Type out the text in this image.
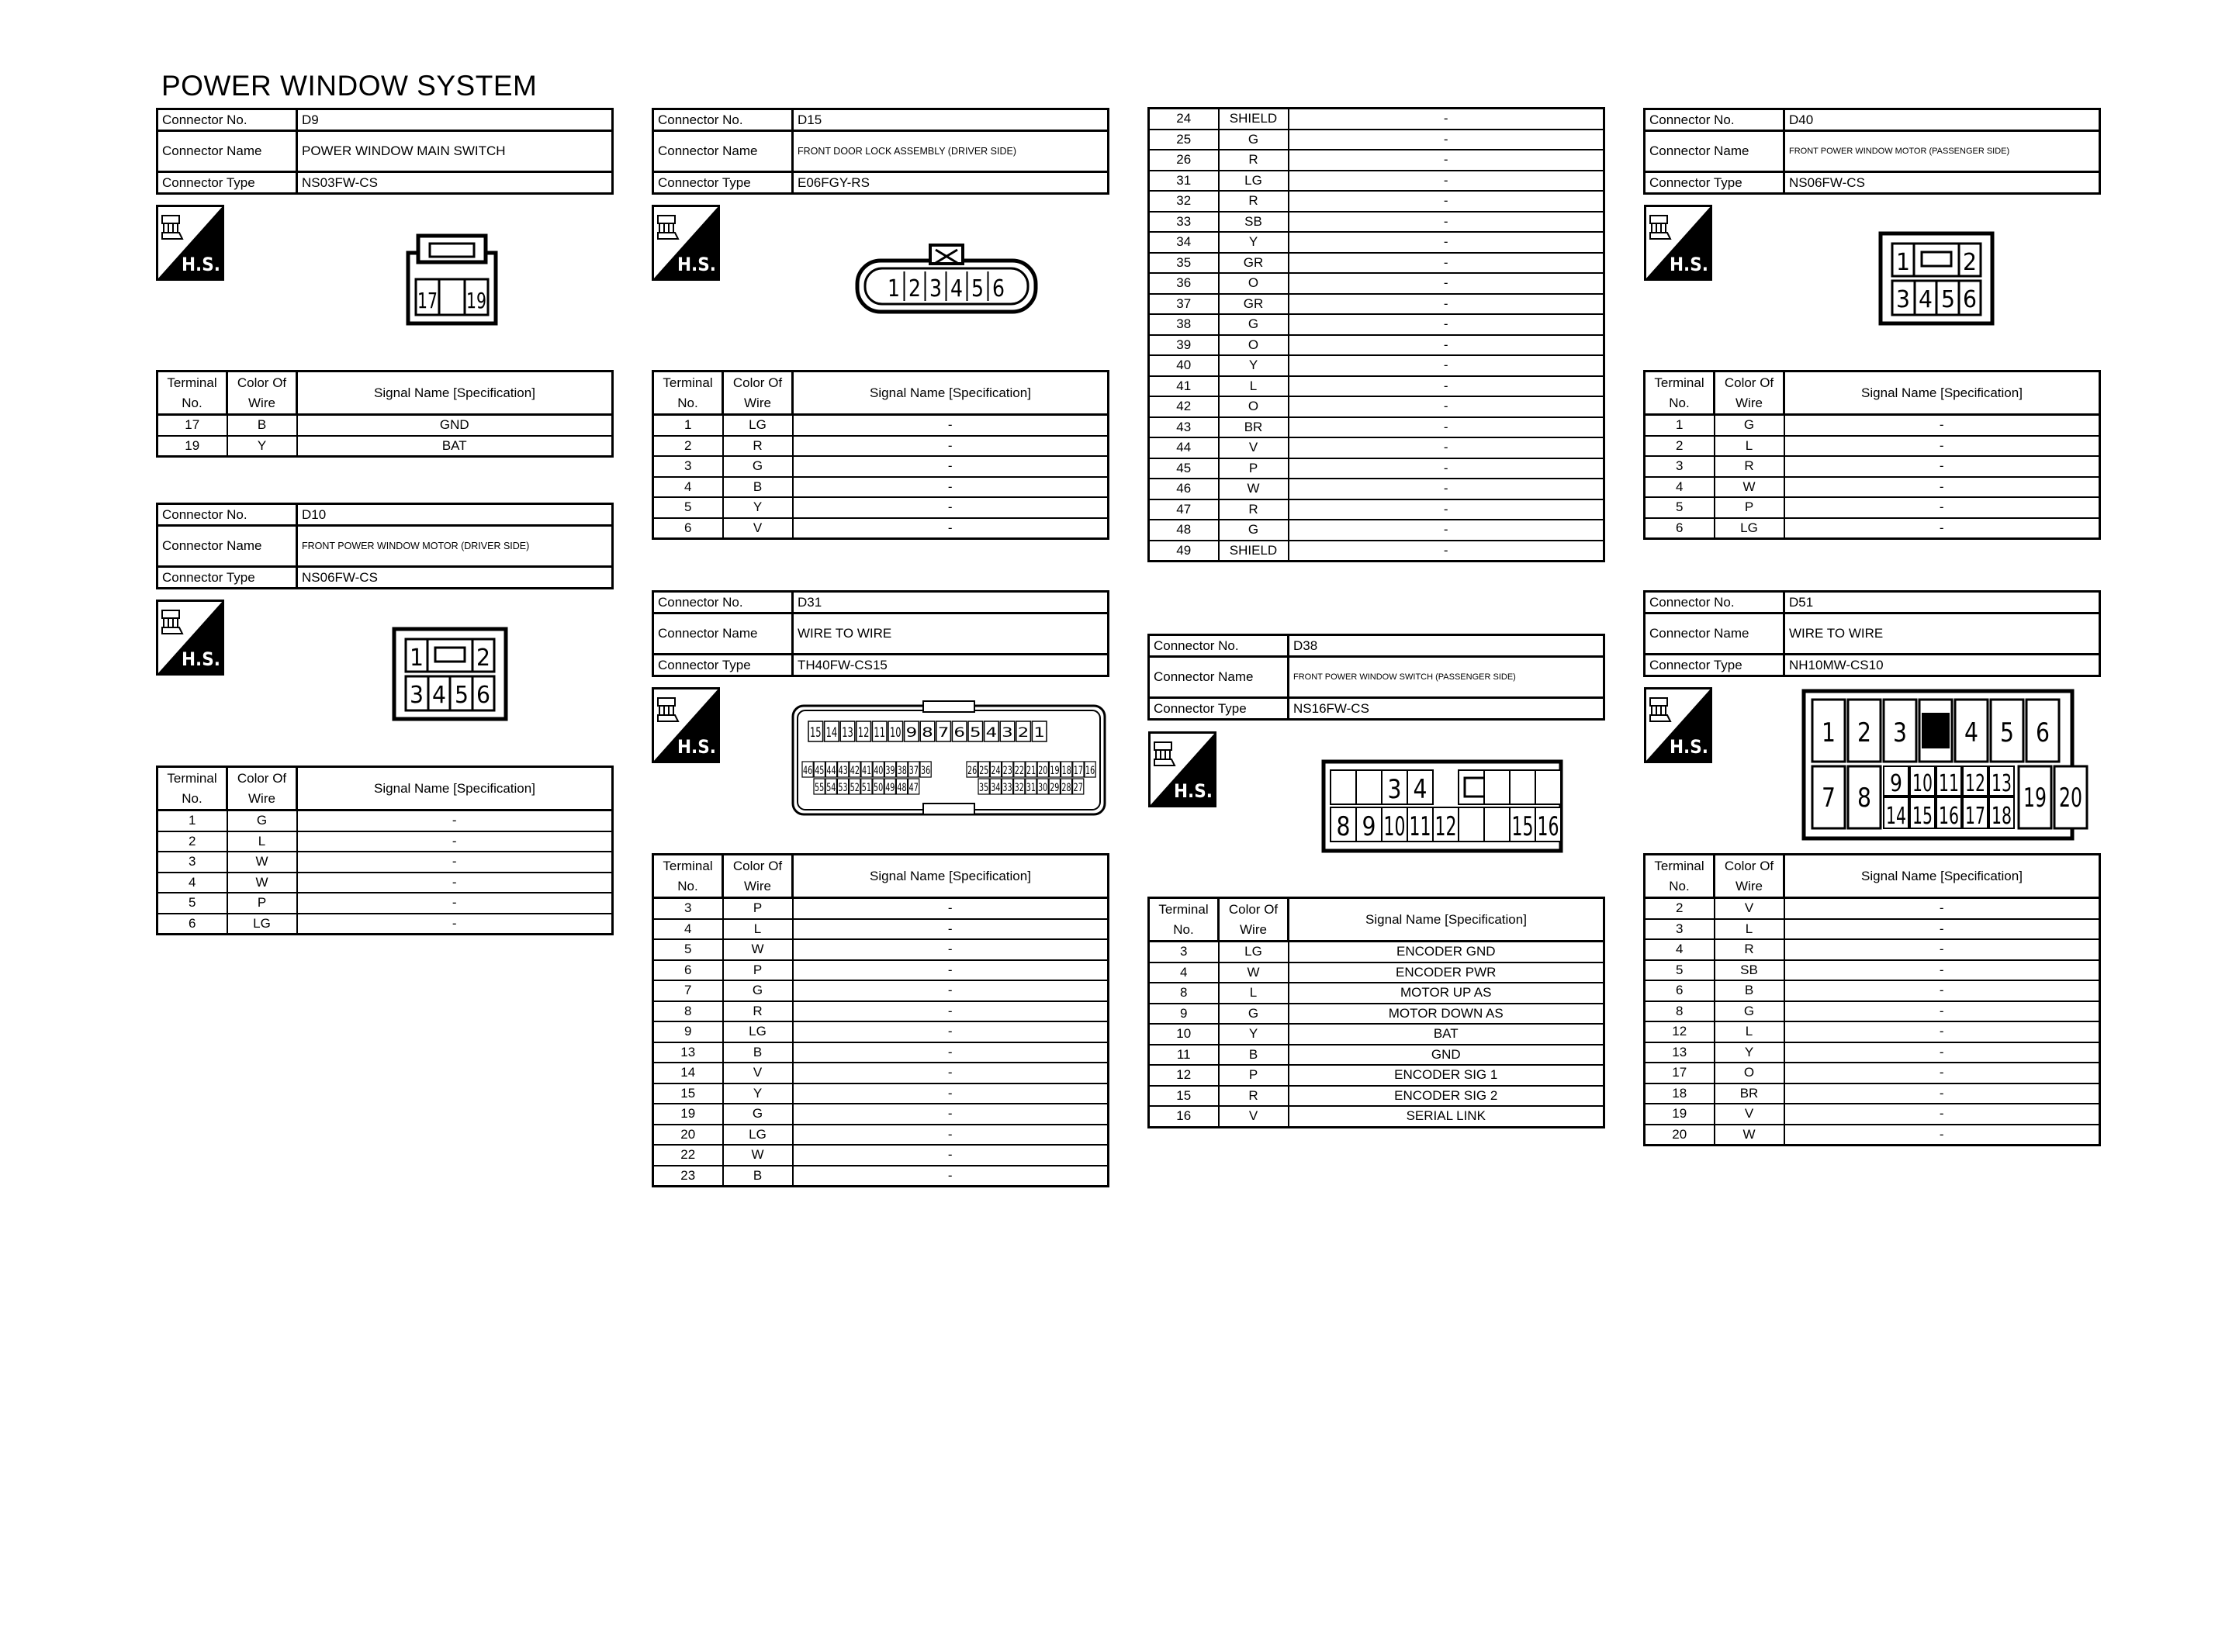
POWER WINDOW SYSTEM
Connector No.	D9
Connector Name	POWER WINDOW MAIN SWITCH
Connector Type	NS03FW-CS
H.S.
17 19
Terminal No.	Color Of Wire	Signal Name [Specification]
17	B	GND
19	Y	BAT
Connector No.	D10
Connector Name	FRONT POWER WINDOW MOTOR (DRIVER SIDE)
Connector Type	NS06FW-CS
H.S.	1 2
3 4 5 6
Terminal No.	Color Of Wire	Signal Name [Specification]
1	G	-
2	L	-
3	W	-
4	W	-
5	P	-
6	LG	-
Connector No.	D15
Connector Name	FRONT DOOR LOCK ASSEMBLY (DRIVER SIDE)
Connector Type	E06FGY-RS
H.S.
1 2 3 4 5 6
Terminal No.	Color Of Wire	Signal Name [Specification]
1	LG	-
2	R	-
3	G	-
4	B	-
5	Y	-
6	V	-
Connector No.	D31
Connector Name	WIRE TO WIRE
Connector Type	TH40FW-CS15
H.S.
15 14 13 12 11 10 9 8 7 6 5 4 3 2 1
46 45 44 43 42 41 40 39 38 37 36	26 25 24 23 22 21 20 19 18 17 16
55 54 53 52 51 50 49 48 47	35 34 33 32 31 30 29 28 27
Terminal No.	Color Of Wire	Signal Name [Specification]
3	P	-
4	L	-
5	W	-
6	P	-
7	G	-
8	R	-
9	LG	-
13	B	-
14	V	-
15	Y	-
19	G	-
20	LG	-
22	W	-
23	B	-
24	SHIELD	-
25	G	-
26	R	-
31	LG	-
32	R	-
33	SB	-
34	Y	-
35	GR	-
36	O	-
37	GR	-
38	G	-
39	O	-
40	Y	-
41	L	-
42	O	-
43	BR	-
44	V	-
45	P	-
46	W	-
47	R	-
48	G	-
49	SHIELD	-
Connector No.	D38
Connector Name	FRONT POWER WINDOW SWITCH (PASSENGER SIDE)
Connector Type	NS16FW-CS
H.S.	3 4
8 9 10 11 12 15 16
Terminal No.	Color Of Wire	Signal Name [Specification]
3	LG	ENCODER GND
4	W	ENCODER PWR
8	L	MOTOR UP AS
9	G	MOTOR DOWN AS
10	Y	BAT
11	B	GND
12	P	ENCODER SIG 1
15	R	ENCODER SIG 2
16	V	SERIAL LINK
Connector No.	D40
Connector Name	FRONT POWER WINDOW MOTOR (PASSENGER SIDE)
Connector Type	NS06FW-CS
H.S.	1 2
3 4 5 6
Terminal No.	Color Of Wire	Signal Name [Specification]
1	G	-
2	L	-
3	R	-
4	W	-
5	P	-
6	LG	-
Connector No.	D51
Connector Name	WIRE TO WIRE
Connector Type	NH10MW-CS10
H.S.	1 2 3 4 5 6
7 8 9
14
10
15
11
16
12
17
13
18
19 20
Terminal No.	Color Of Wire	Signal Name [Specification]
2	V	-
3	L	-
4	R	-
5	SB	-
6	B	-
8	G	-
12	L	-
13	Y	-
17	O	-
18	BR	-
19	V	-
20	W	-
